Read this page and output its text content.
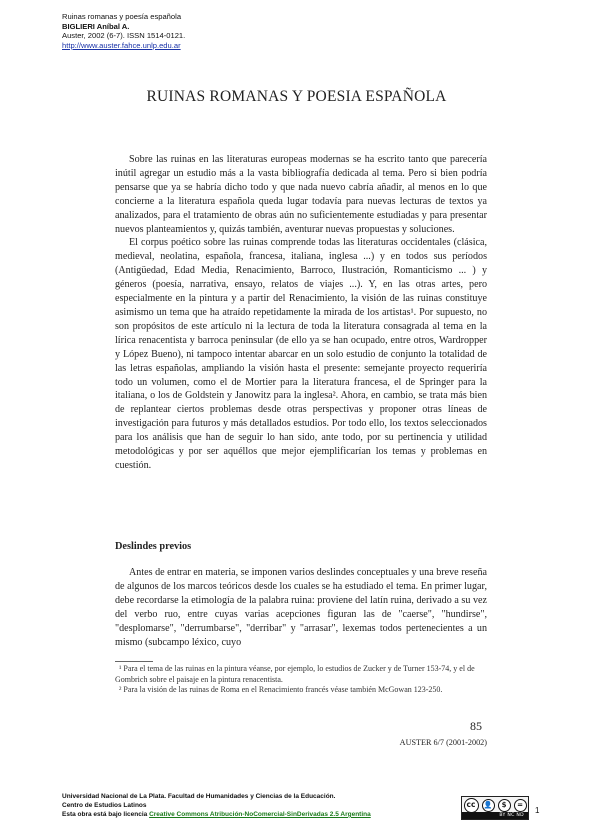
Ruinas romanas y poesía española
BIGLIERI Aníbal A.
Auster, 2002 (6-7). ISSN 1514-0121.
http://www.auster.fahce.unlp.edu.ar
RUINAS ROMANAS Y POESIA ESPAÑOLA

Sobre las ruinas en las literaturas europeas modernas se ha escrito tanto que parecería inútil agregar un estudio más a la vasta bibliografía dedicada al tema. Pero si bien podría pensarse que ya se habría dicho todo y que nada nuevo cabría añadir, al menos en lo que concierne a la literatura española queda lugar todavía para nuevas lecturas de textos ya analizados, para el tratamiento de obras aún no suficientemente estudiadas y para presentar nuevos planteamientos y, quizás también, aventurar nuevas propuestas y soluciones.

El corpus poético sobre las ruinas comprende todas las literaturas occidentales (clásica, medieval, neolatina, española, francesa, italiana, inglesa ...) y en todos sus períodos (Antigüedad, Edad Media, Renacimiento, Barroco, Ilustración, Romanticismo ... ) y géneros (poesía, narrativa, ensayo, relatos de viajes ...). Y, en las otras artes, pero especialmente en la pintura y a partir del Renacimiento, la visión de las ruinas constituye asimismo un tema que ha atraído repetidamente la mirada de los artistas¹. Por supuesto, no son propósitos de este artículo ni la lectura de toda la literatura consagrada al tema en la lírica renacentista y barroca peninsular (de ello ya se han ocupado, entre otros, Wardropper y López Bueno), ni tampoco intentar abarcar en un solo estudio de conjunto la totalidad de las letras españolas, ampliando la visión hasta el presente: semejante proyecto requeriría todo un volumen, como el de Mortier para la literatura francesa, el de Springer para la italiana, o los de Goldstein y Janowitz para la inglesa². Ahora, en cambio, se trata más bien de replantear ciertos problemas desde otras perspectivas y proponer otras líneas de investigación para futuros y más detallados estudios. Por todo ello, los textos seleccionados para los análisis que han de seguir lo han sido, ante todo, por su pertinencia y utilidad metodológicas y por ser aquéllos que mejor ejemplificarían los temas y problemas en cuestión.

Deslindes previos

Antes de entrar en materia, se imponen varios deslindes conceptuales y una breve reseña de algunos de los marcos teóricos desde los cuales se ha estudiado el tema. En primer lugar, debe recordarse la etimología de la palabra ruina: proviene del latín ruina, derivado a su vez del verbo ruo, entre cuyas varias acepciones figuran las de "caerse", "hundirse", "desplomarse", "derrumbarse", "derribar" y "arrasar", lexemas todos pertenecientes a un mismo (subcampo léxico, cuyo

¹ Para el tema de las ruinas en la pintura véanse, por ejemplo, lo estudios de Zucker y de Turner 153-74, y el de Gombrich sobre el paisaje en la pintura renacentista.

² Para la visión de las ruinas de Roma en el Renacimiento francés véase también McGowan 123-250.

85
AUSTER 6/7 (2001-2002)
Universidad Nacional de La Plata. Facultad de Humanidades y Ciencias de la Educación.
Centro de Estudios Latinos
Esta obra está bajo licencia Creative Commons Atribución-NoComercial-SinDerivadas 2.5 Argentina
cc	👤	$	=
BY NC ND
1
